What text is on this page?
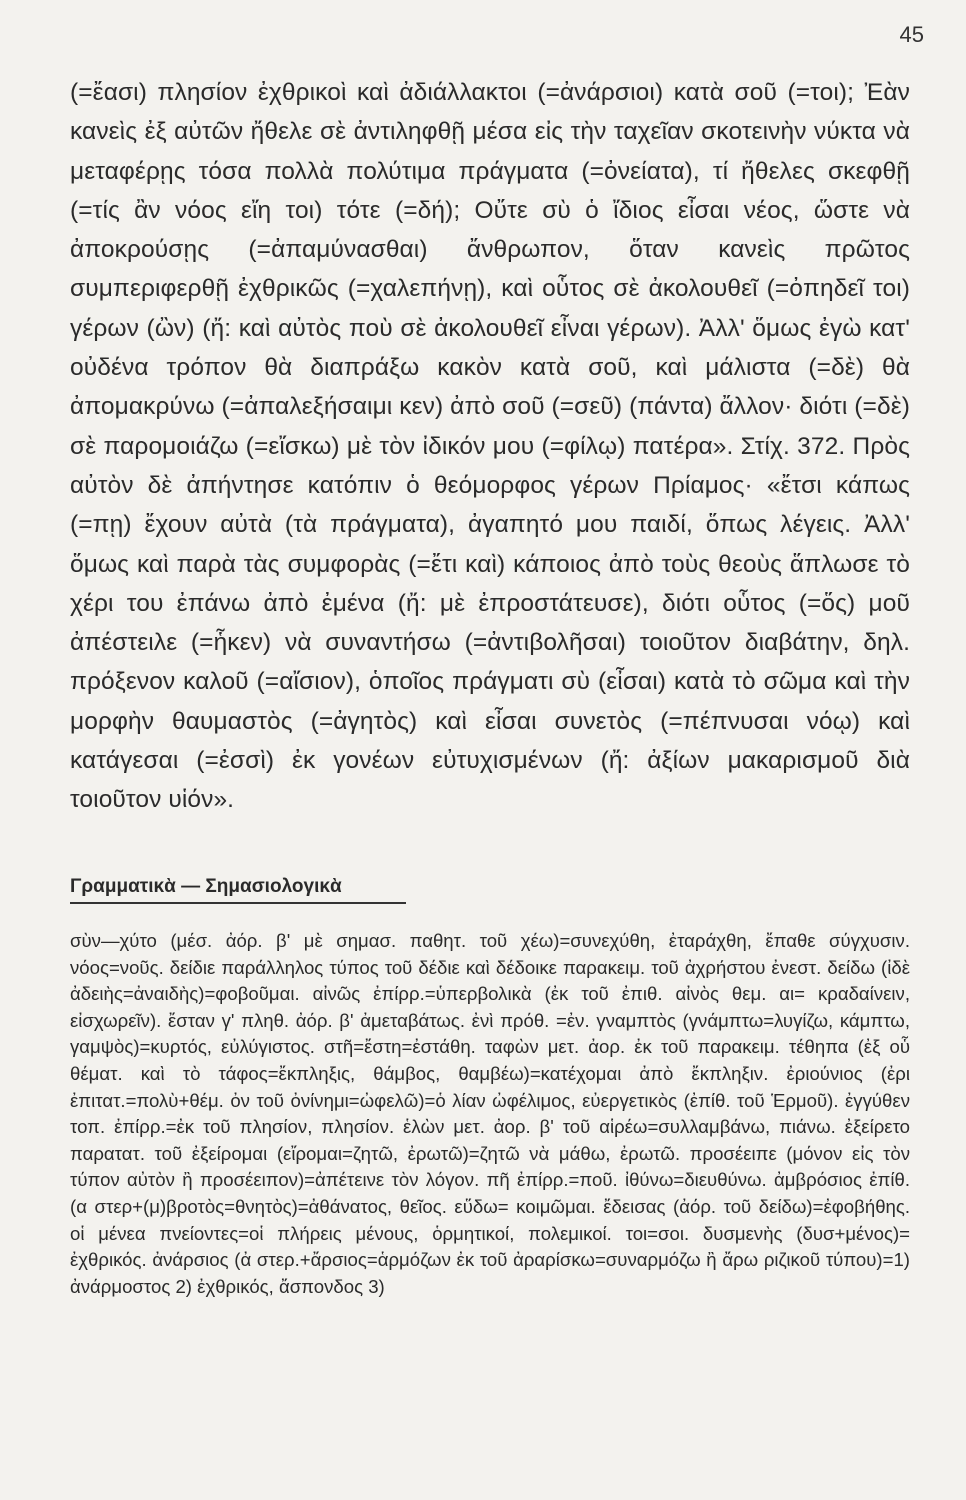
45

(=ἔασι) πλησίον ἐχθρικοὶ καὶ ἀδιάλλακτοι (=ἀνάρσιοι) κατὰ σοῦ (=τοι); Ἐὰν κανεὶς ἐξ αὐτῶν ἤθελε σὲ ἀντιληφθῇ μέσα εἰς τὴν ταχεῖαν σκοτεινὴν νύκτα νὰ μεταφέρῃς τόσα πολλὰ πολύτιμα πράγματα (=ὀνείατα), τί ἤθελες σκεφθῇ (=τίς ἂν νόος εἴη τοι) τότε (=δή); Οὔτε σὺ ὁ ἴδιος εἶσαι νέος, ὥστε νὰ ἀποκρούσῃς (=ἀπαμύνασθαι) ἄνθρωπον, ὅταν κανεὶς πρῶτος συμπεριφερθῇ ἐχθρικῶς (=χαλεπήνῃ), καὶ οὗτος σὲ ἀκολουθεῖ (=ὀπηδεῖ τοι) γέρων (ὢν) (ἤ: καὶ αὐτὸς ποὺ σὲ ἀκολουθεῖ εἶναι γέρων). Ἀλλ' ὅμως ἐγὼ κατ' οὐδένα τρόπον θὰ διαπράξω κακὸν κατὰ σοῦ, καὶ μάλιστα (=δὲ) θὰ ἀπομακρύνω (=ἀπαλεξήσαιμι κεν) ἀπὸ σοῦ (=σεῦ) (πάντα) ἄλλον· διότι (=δὲ) σὲ παρομοιάζω (=εἴσκω) μὲ τὸν ἰδικόν μου (=φίλῳ) πατέρα». Στίχ. 372. Πρὸς αὐτὸν δὲ ἀπήντησε κατόπιν ὁ θεόμορφος γέρων Πρίαμος· «ἔτσι κάπως (=πῃ) ἔχουν αὐτὰ (τὰ πράγματα), ἀγαπητό μου παιδί, ὅπως λέγεις. Ἀλλ' ὅμως καὶ παρὰ τὰς συμφορὰς (=ἔτι καὶ) κάποιος ἀπὸ τοὺς θεοὺς ἅπλωσε τὸ χέρι του ἐπάνω ἀπὸ ἐμένα (ἤ: μὲ ἐπροστάτευσε), διότι οὗτος (=ὅς) μοῦ ἀπέστειλε (=ἧκεν) νὰ συναντήσω (=ἀντιβολῆσαι) τοιοῦτον διαβάτην, δηλ. πρόξενον καλοῦ (=αἴσιον), ὁποῖος πράγματι σὺ (εἶσαι) κατὰ τὸ σῶμα καὶ τὴν μορφὴν θαυμαστὸς (=ἀγητὸς) καὶ εἶσαι συνετὸς (=πέπνυσαι νόῳ) καὶ κατάγεσαι (=ἐσσὶ) ἐκ γονέων εὐτυχισμένων (ἤ: ἀξίων μακαρισμοῦ διὰ τοιοῦτον υἱόν».

Γραμματικὰ — Σημασιολογικὰ

σὺν—χύτο (μέσ. ἀόρ. β' μὲ σημασ. παθητ. τοῦ χέω)=συνεχύθη, ἐταράχθη, ἔπαθε σύγχυσιν. νόος=νοῦς. δείδιε παράλληλος τύπος τοῦ δέδιε καὶ δέδοικε παρακειμ. τοῦ ἀχρήστου ἐνεστ. δείδω (ἰδὲ ἀδειὴς=ἀναιδὴς)=φοβοῦμαι. αἰνῶς ἐπίρρ.=ὑπερβολικὰ (ἐκ τοῦ ἐπιθ. αἰνὸς θεμ. αι= κραδαίνειν, εἰσχωρεῖν). ἔσταν γ' πληθ. ἀόρ. β' ἀμεταβάτως. ἐνὶ πρόθ. =ἐν. γναμπτὸς (γνάμπτω=λυγίζω, κάμπτω, γαμψὸς)=κυρτός, εὐλύγιστος. στῆ=ἔστη=ἐστάθη. ταφὼν μετ. ἀορ. ἐκ τοῦ παρακειμ. τέθηπα (ἐξ οὗ θέματ. καὶ τὸ τάφος=ἔκπληξις, θάμβος, θαμβέω)=κατέχομαι ἀπὸ ἔκπληξιν. ἐριούνιος (ἐρι ἐπιτατ.=πολὺ+θέμ. ὀν τοῦ ὀνίνημι=ὠφελῶ)=ὁ λίαν ὠφέλιμος, εὐεργετικὸς (ἐπίθ. τοῦ Ἑρμοῦ). ἐγγύθεν τοπ. ἐπίρρ.=ἐκ τοῦ πλησίον, πλησίον. ἑλὼν μετ. ἀορ. β' τοῦ αἱρέω=συλλαμβάνω, πιάνω. ἐξείρετο παρατατ. τοῦ ἐξείρομαι (εἴρομαι=ζητῶ, ἐρωτῶ)=ζητῶ νὰ μάθω, ἐρωτῶ. προσέειπε (μόνον εἰς τὸν τύπον αὐτὸν ἢ προσέειπον)=ἀπέτεινε τὸν λόγον. πῆ ἐπίρρ.=ποῦ. ἰθύνω=διευθύνω. ἀμβρόσιος ἐπίθ. (α στερ+(μ)βροτὸς=θνητὸς)=ἀθάνατος, θεῖος. εὕδω= κοιμῶμαι. ἔδεισας (ἀόρ. τοῦ δείδω)=ἐφοβήθης. οἱ μένεα πνείοντες=οἱ πλήρεις μένους, ὁρμητικοί, πολεμικοί. τοι=σοι. δυσμενὴς (δυσ+μένος)= ἐχθρικός. ἀνάρσιος (ἀ στερ.+ἄρσιος=ἁρμόζων ἐκ τοῦ ἀραρίσκω=συναρμόζω ἢ ἄρω ριζικοῦ τύπου)=1) ἀνάρμοστος 2) ἐχθρικός, ἄσπονδος 3)
